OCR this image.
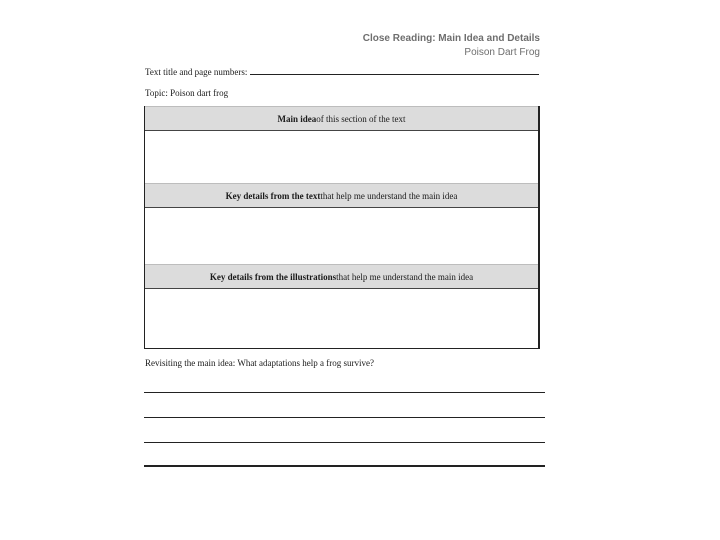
Close Reading: Main Idea and Details
Poison Dart Frog
Text title and page numbers:
Topic: Poison dart frog
Main idea of this section of the text
Key details from the text that help me understand the main idea
Key details from the illustrations that help me understand the main idea
Revisiting the main idea: What adaptations help a frog survive?
